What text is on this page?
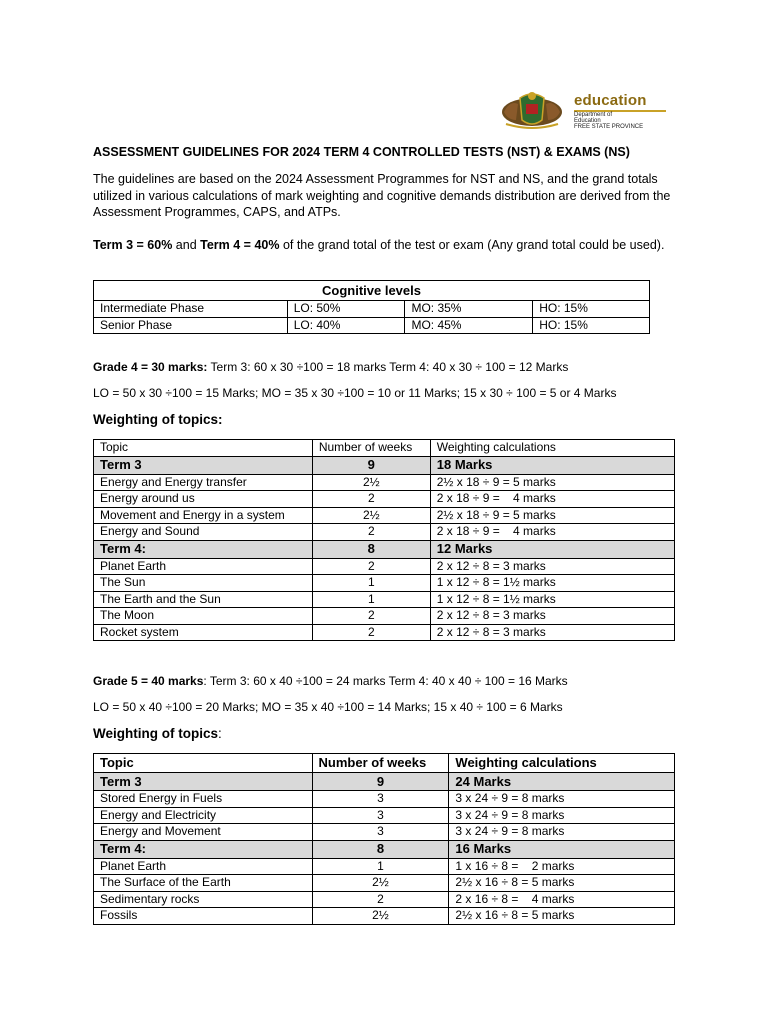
education
Department of
Education
FREE STATE PROVINCE
ASSESSMENT GUIDELINES FOR 2024 TERM 4 CONTROLLED TESTS (NST) & EXAMS (NS)
The guidelines are based on the 2024 Assessment Programmes for NST and NS, and the grand totals utilized in various calculations of mark weighting and cognitive demands distribution are derived from the Assessment Programmes, CAPS, and ATPs.
Term 3 = 60% and Term 4 = 40% of the grand total of the test or exam (Any grand total could be used).
Cognitive levels			
Intermediate Phase	LO: 50%	MO: 35%	HO: 15%
Senior Phase	LO: 40%	MO: 45%	HO: 15%
Grade 4 = 30 marks: Term 3: 60 x 30 ÷100 = 18 marks Term 4: 40 x 30 ÷ 100 = 12 Marks
LO = 50 x 30 ÷100 = 15 Marks; MO = 35 x 30 ÷100 = 10 or 11 Marks; 15 x 30 ÷ 100 = 5 or 4 Marks
Weighting of topics:
Topic	Number of weeks	Weighting calculations
Term 3	9	18 Marks
Energy and Energy transfer	2½	2½ x 18 ÷ 9 = 5 marks
Energy around us	2	2 x 18 ÷ 9 =    4 marks
Movement and Energy in a system	2½	2½ x 18 ÷ 9 = 5 marks
Energy and Sound	2	2 x 18 ÷ 9 =    4 marks
Term 4:	8	12 Marks
Planet Earth	2	2 x 12 ÷ 8 = 3 marks
The Sun	1	1 x 12 ÷ 8 = 1½ marks
The Earth and the Sun	1	1 x 12 ÷ 8 = 1½ marks
The Moon	2	2 x 12 ÷ 8 = 3 marks
Rocket system	2	2 x 12 ÷ 8 = 3 marks
Grade 5 = 40 marks: Term 3: 60 x 40 ÷100 = 24 marks Term 4: 40 x 40 ÷ 100 = 16 Marks
LO = 50 x 40 ÷100 = 20 Marks; MO = 35 x 40 ÷100 = 14 Marks; 15 x 40 ÷ 100 = 6 Marks
Weighting of topics:
Topic	Number of weeks	Weighting calculations
Term 3	9	24 Marks
Stored Energy in Fuels	3	3 x 24 ÷ 9 = 8 marks
Energy and Electricity	3	3 x 24 ÷ 9 = 8 marks
Energy and Movement	3	3 x 24 ÷ 9 = 8 marks
Term 4:	8	16 Marks
Planet Earth	1	1 x 16 ÷ 8 =    2 marks
The Surface of the Earth	2½	2½ x 16 ÷ 8 = 5 marks
Sedimentary rocks	2	2 x 16 ÷ 8 =    4 marks
Fossils	2½	2½ x 16 ÷ 8 = 5 marks
